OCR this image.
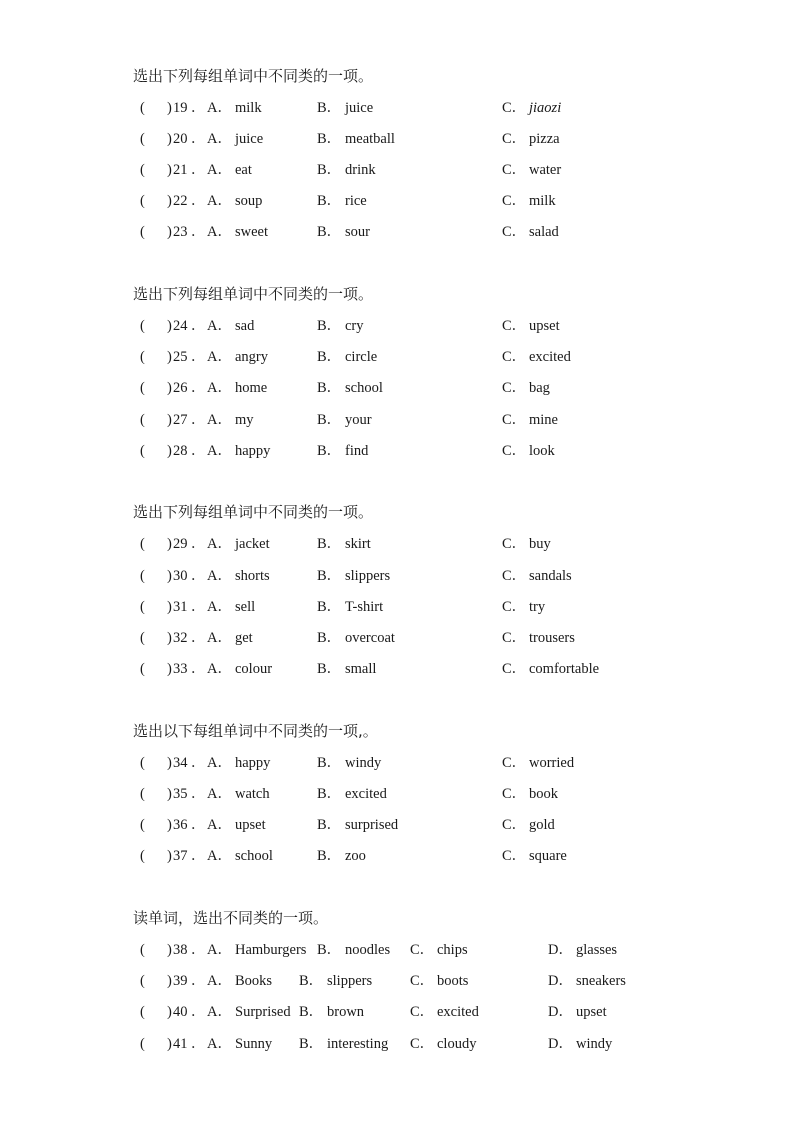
选出下列每组单词中不同类的一项。
( ) 19 ． A． milk	B． juice	C． jiaozi
( ) 20 ． A． juice	B． meatball	C． pizza
( ) 21 ． A． eat	B． drink	C． water
( ) 22 ． A． soup	B． rice	C． milk
( ) 23 ． A． sweet	B． sour	C． salad
选出下列每组单词中不同类的一项。
( ) 24 ． A． sad	B． cry	C． upset
( ) 25 ． A． angry	B． circle	C． excited
( ) 26 ． A． home	B． school	C． bag
( ) 27 ． A． my	B． your	C． mine
( ) 28 ． A． happy	B． find	C． look
选出下列每组单词中不同类的一项。
( ) 29 ． A． jacket	B． skirt	C． buy
( ) 30 ． A． shorts	B． slippers	C． sandals
( ) 31 ． A． sell	B． T-shirt	C． try
( ) 32 ． A． get	B． overcoat	C． trousers
( ) 33 ． A． colour	B． small	C． comfortable
选出以下每组单词中不同类的一项,。
( ) 34 ． A． happy	B． windy	C． worried
( ) 35 ． A． watch	B． excited	C． book
( ) 36 ． A． upset	B． surprised	C． gold
( ) 37 ． A． school	B． zoo	C． square
读单词，选出不同类的一项。
( ) 38 ． A． Hamburgers B． noodles C． chips	D． glasses
( ) 39 ． A． Books B． slippers	C． boots	D． sneakers
( ) 40 ． A． Surprised B． brown	C． excited	D． upset
( ) 41 ． A． Sunny B． interesting C． cloudy	D． windy
